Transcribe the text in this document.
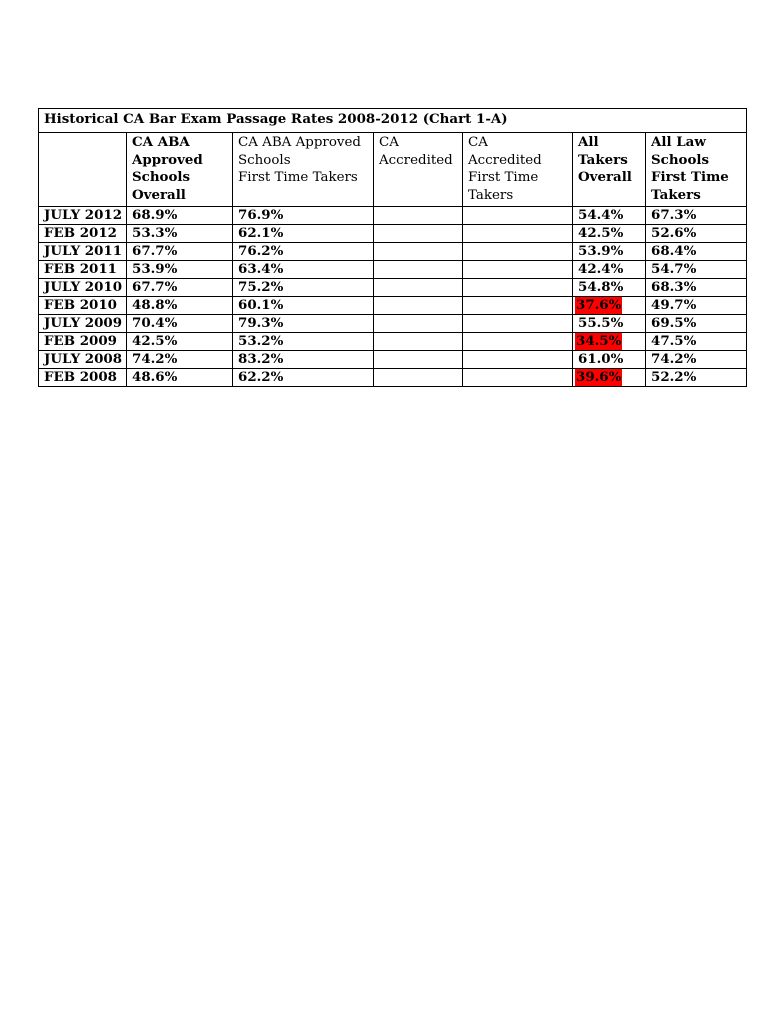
Historical CA Bar Exam Passage Rates 2008-2012 (Chart 1-A)						

	CA ABA
Approved
Schools
Overall	CA ABA Approved
Schools
First Time Takers	CA
Accredited	CA
Accredited
First Time
Takers	All
Takers
Overall	All Law
Schools
First Time
Takers

JULY 2012	68.9%	76.9%			54.4%	67.3%
FEB 2012	53.3%	62.1%			42.5%	52.6%
JULY 2011	67.7%	76.2%			53.9%	68.4%
FEB 2011	53.9%	63.4%			42.4%	54.7%
JULY 2010	67.7%	75.2%			54.8%	68.3%
FEB 2010	48.8%	60.1%			37.6%	49.7%
JULY 2009	70.4%	79.3%			55.5%	69.5%
FEB 2009	42.5%	53.2%			34.5%	47.5%
JULY 2008	74.2%	83.2%			61.0%	74.2%
FEB 2008	48.6%	62.2%			39.6%	52.2%
